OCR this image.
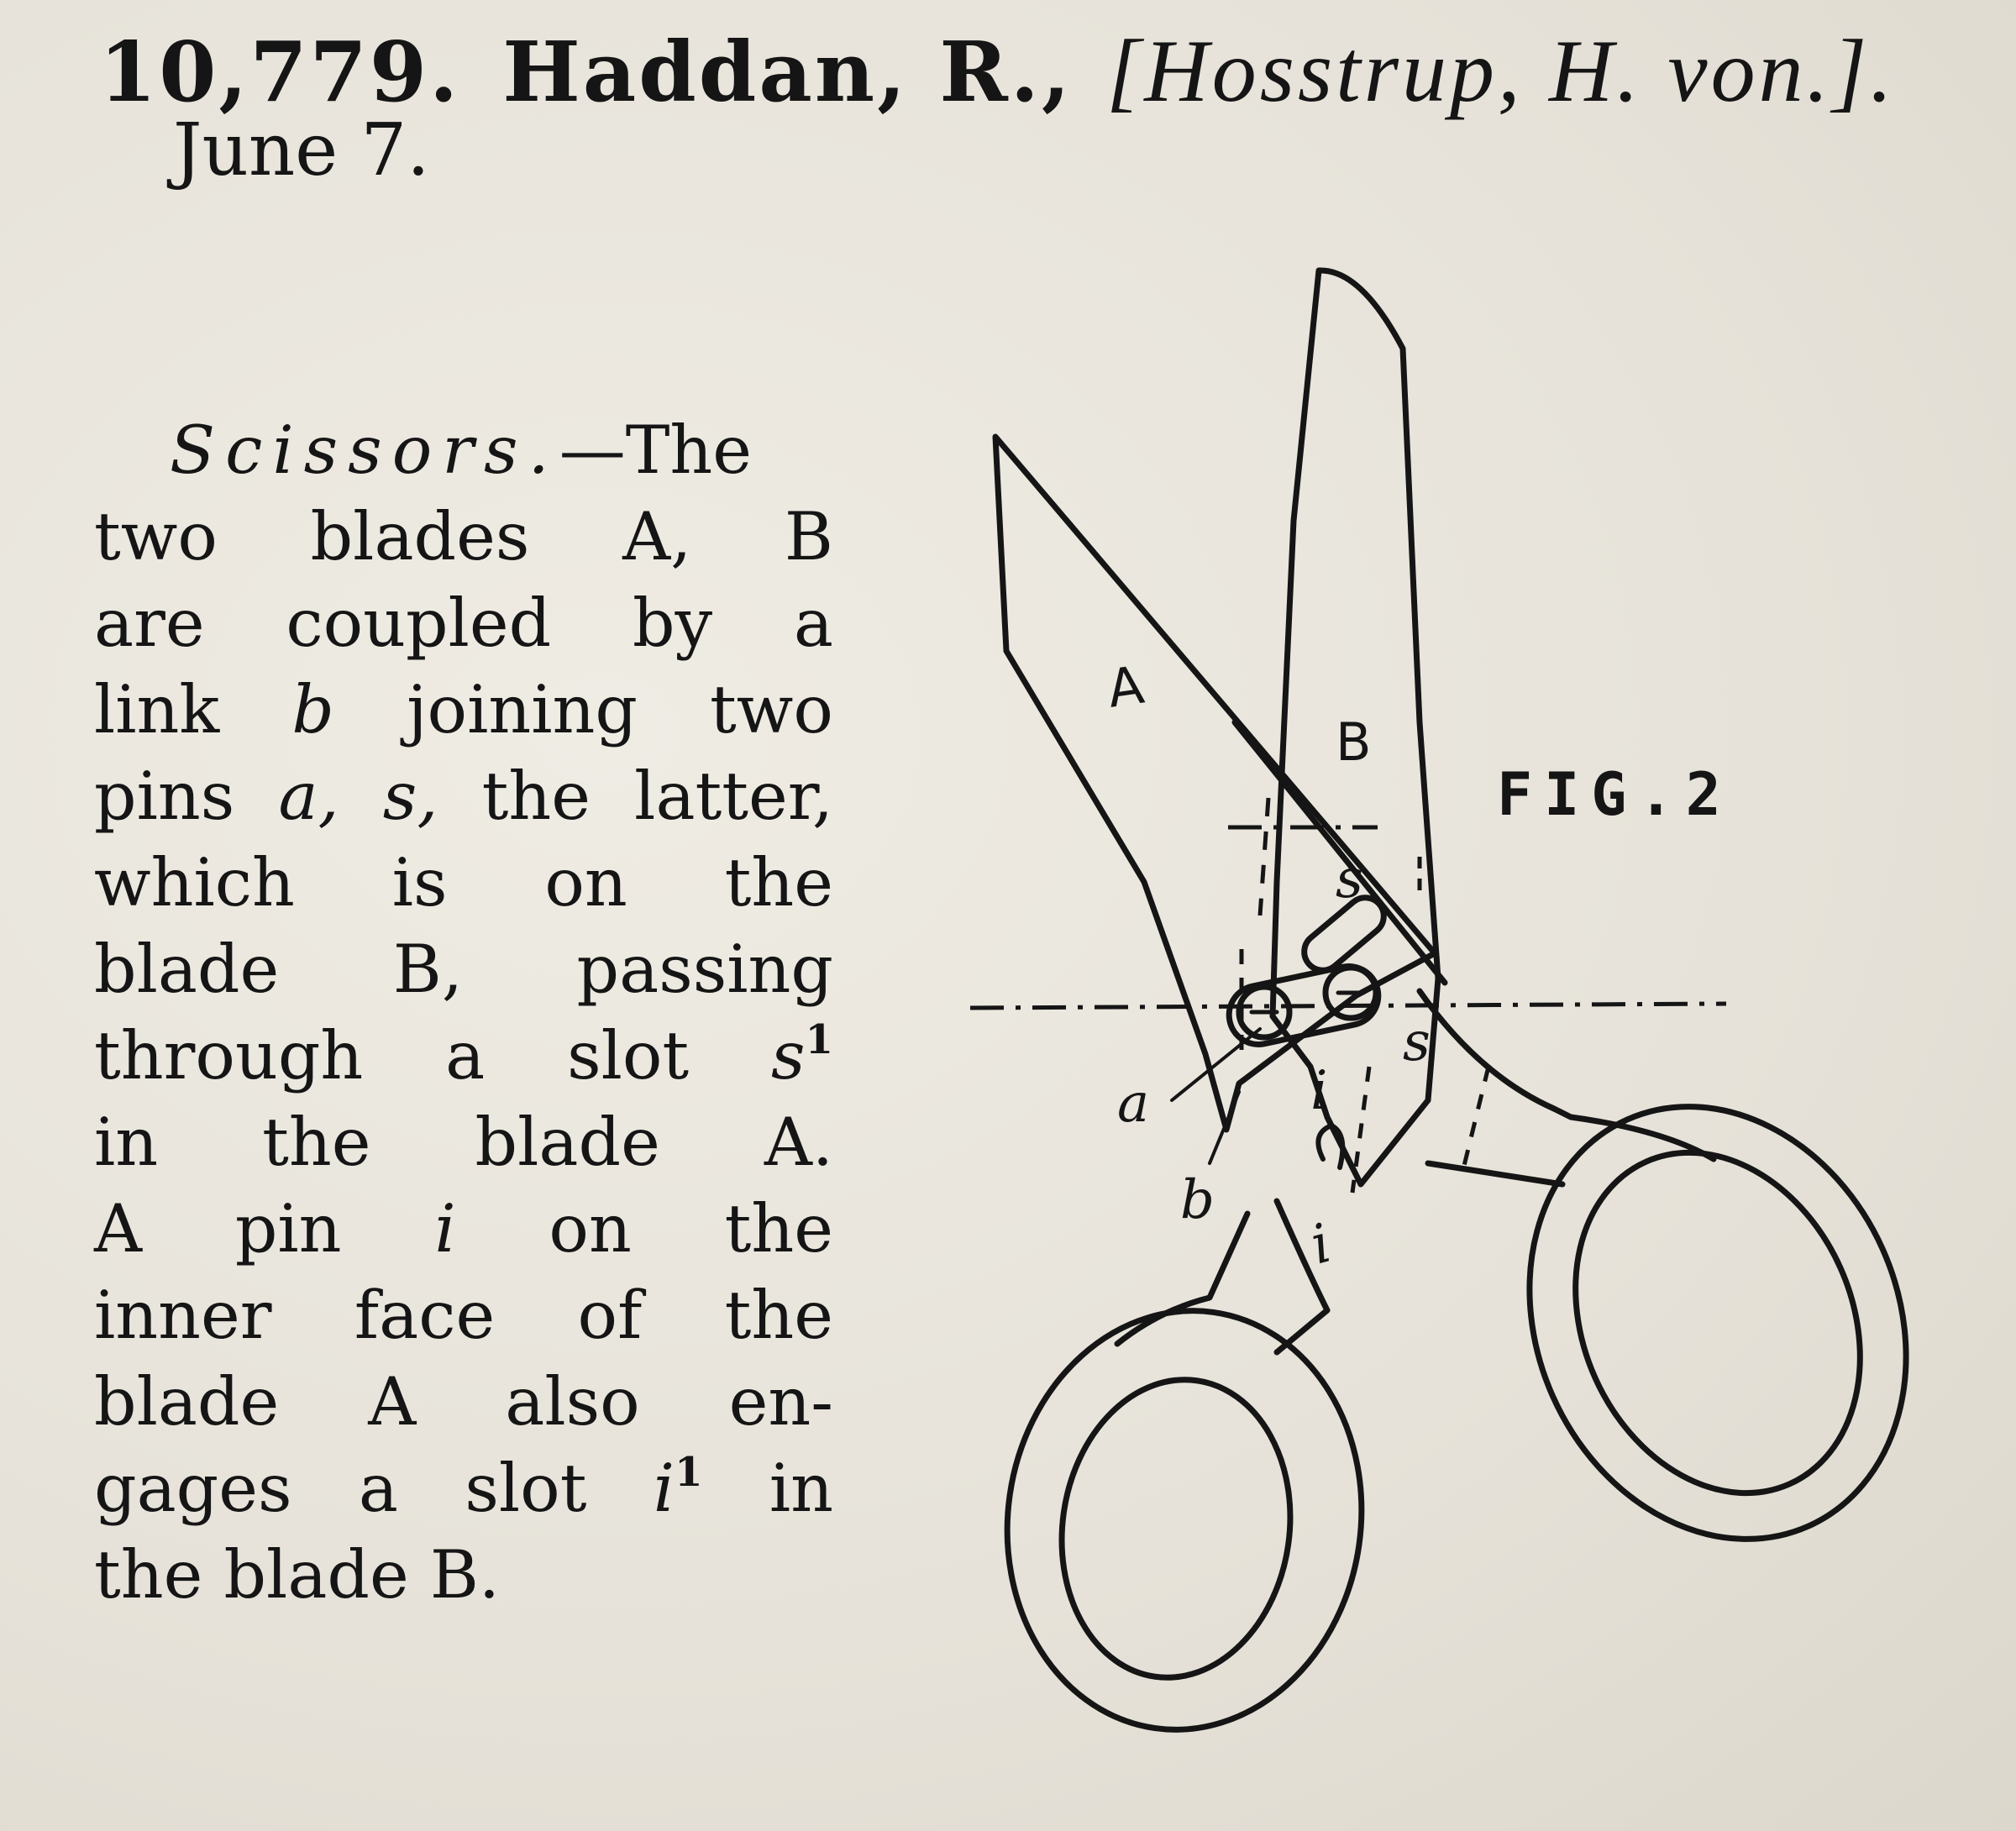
10,779. Haddan, R., [Hosstrup, H. von.].
June 7.
Scissors.—The
two blades A, B
are coupled by a
link b joining two
pins a, s, the latter,
which is on the
blade B, passing
through a slot $s^1$
in the blade A.
A pin i on the
inner face of the
blade A also en-
gages a slot $i^1$ in
the blade B.
A
B
FIG.2
s
s
a
b
i
i
